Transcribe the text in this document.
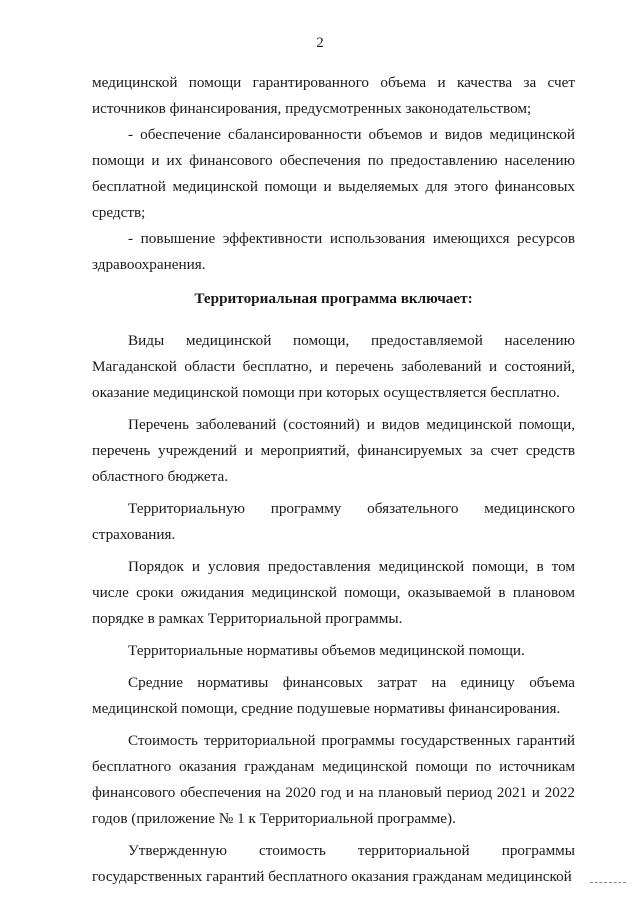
2

медицинской помощи гарантированного объема и качества за счет источников финансирования, предусмотренных законодательством;

- обеспечение сбалансированности объемов и видов медицинской помощи и их финансового обеспечения по предоставлению населению бесплатной медицинской помощи и выделяемых для этого финансовых средств;

- повышение эффективности использования имеющихся ресурсов здравоохранения.

Территориальная программа включает:

Виды медицинской помощи, предоставляемой населению Магаданской области бесплатно, и перечень заболеваний и состояний, оказание медицинской помощи при которых осуществляется бесплатно.

Перечень заболеваний (состояний) и видов медицинской помощи, перечень учреждений и мероприятий, финансируемых за счет средств областного бюджета.

Территориальную программу обязательного медицинского страхования.

Порядок и условия предоставления медицинской помощи, в том числе сроки ожидания медицинской помощи, оказываемой в плановом порядке в рамках Территориальной программы.

Территориальные нормативы объемов медицинской помощи.

Средние нормативы финансовых затрат на единицу объема медицинской помощи, средние подушевые нормативы финансирования.

Стоимость территориальной программы государственных гарантий бесплатного оказания гражданам медицинской помощи по источникам финансового обеспечения на 2020 год и на плановый период 2021 и 2022 годов (приложение № 1 к Территориальной программе).

Утвержденную стоимость территориальной программы государственных гарантий бесплатного оказания гражданам медицинской
